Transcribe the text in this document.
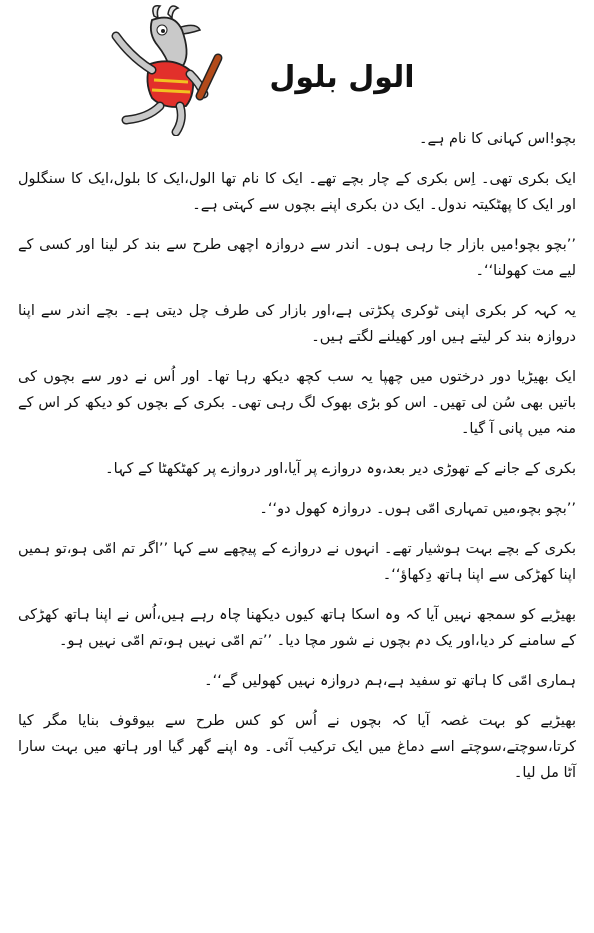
الول بلول

بچو!اس کہانی کا نام ہے۔

ایک بکری تھی۔ اِس بکری کے چار بچے تھے۔ ایک کا نام تھا الول،ایک کا بلول،ایک کا سنگلول اور ایک کا پھٹکیتہ ندول۔ ایک دن بکری اپنے بچوں سے کہتی ہے۔

’’بچو بچو!میں بازار جا رہی ہوں۔ اندر سے دروازہ اچھی طرح سے بند کر لینا اور کسی کے لیے مت کھولنا‘‘۔

یہ کہہ کر بکری اپنی ٹوکری پکڑتی ہے،اور بازار کی طرف چل دیتی ہے۔ بچے اندر سے اپنا دروازہ بند کر لیتے ہیں اور کھیلنے لگتے ہیں۔

ایک بھیڑیا دور درختوں میں چھپا یہ سب کچھ دیکھ رہا تھا۔ اور اُس نے دور سے بچوں کی باتیں بھی سُن لی تھیں۔ اس کو بڑی بھوک لگ رہی تھی۔ بکری کے بچوں کو دیکھ کر اس کے منہ میں پانی آ گیا۔

بکری کے جانے کے تھوڑی دیر بعد،وہ دروازے پر آیا،اور دروازے پر کھٹکھٹا کے کہا۔

’’بچو بچو،میں تمہاری امّی ہوں۔ دروازہ کھول دو‘‘۔

بکری کے بچے بہت ہوشیار تھے۔ انہوں نے دروازے کے پیچھے سے کہا ’’اگر تم امّی ہو،تو ہمیں اپنا کھڑکی سے اپنا ہاتھ دِکھاؤ‘‘۔

بھیڑیے کو سمجھ نہیں آیا کہ وہ اسکا ہاتھ کیوں دیکھنا چاہ رہے ہیں،اُس نے اپنا ہاتھ کھڑکی کے سامنے کر دیا،اور یک دم بچوں نے شور مچا دیا۔ ’’تم امّی نہیں ہو،تم امّی نہیں ہو۔

ہماری امّی کا ہاتھ تو سفید ہے،ہم دروازہ نہیں کھولیں گے‘‘۔

بھیڑیے کو بہت غصہ آیا کہ بچوں نے اُس کو کس طرح سے بیوقوف بنایا مگر کیا کرتا،سوچتے،سوچتے اسے دماغ میں ایک ترکیب آئی۔ وہ اپنے گھر گیا اور ہاتھ میں بہت سارا آٹا مل لیا۔
